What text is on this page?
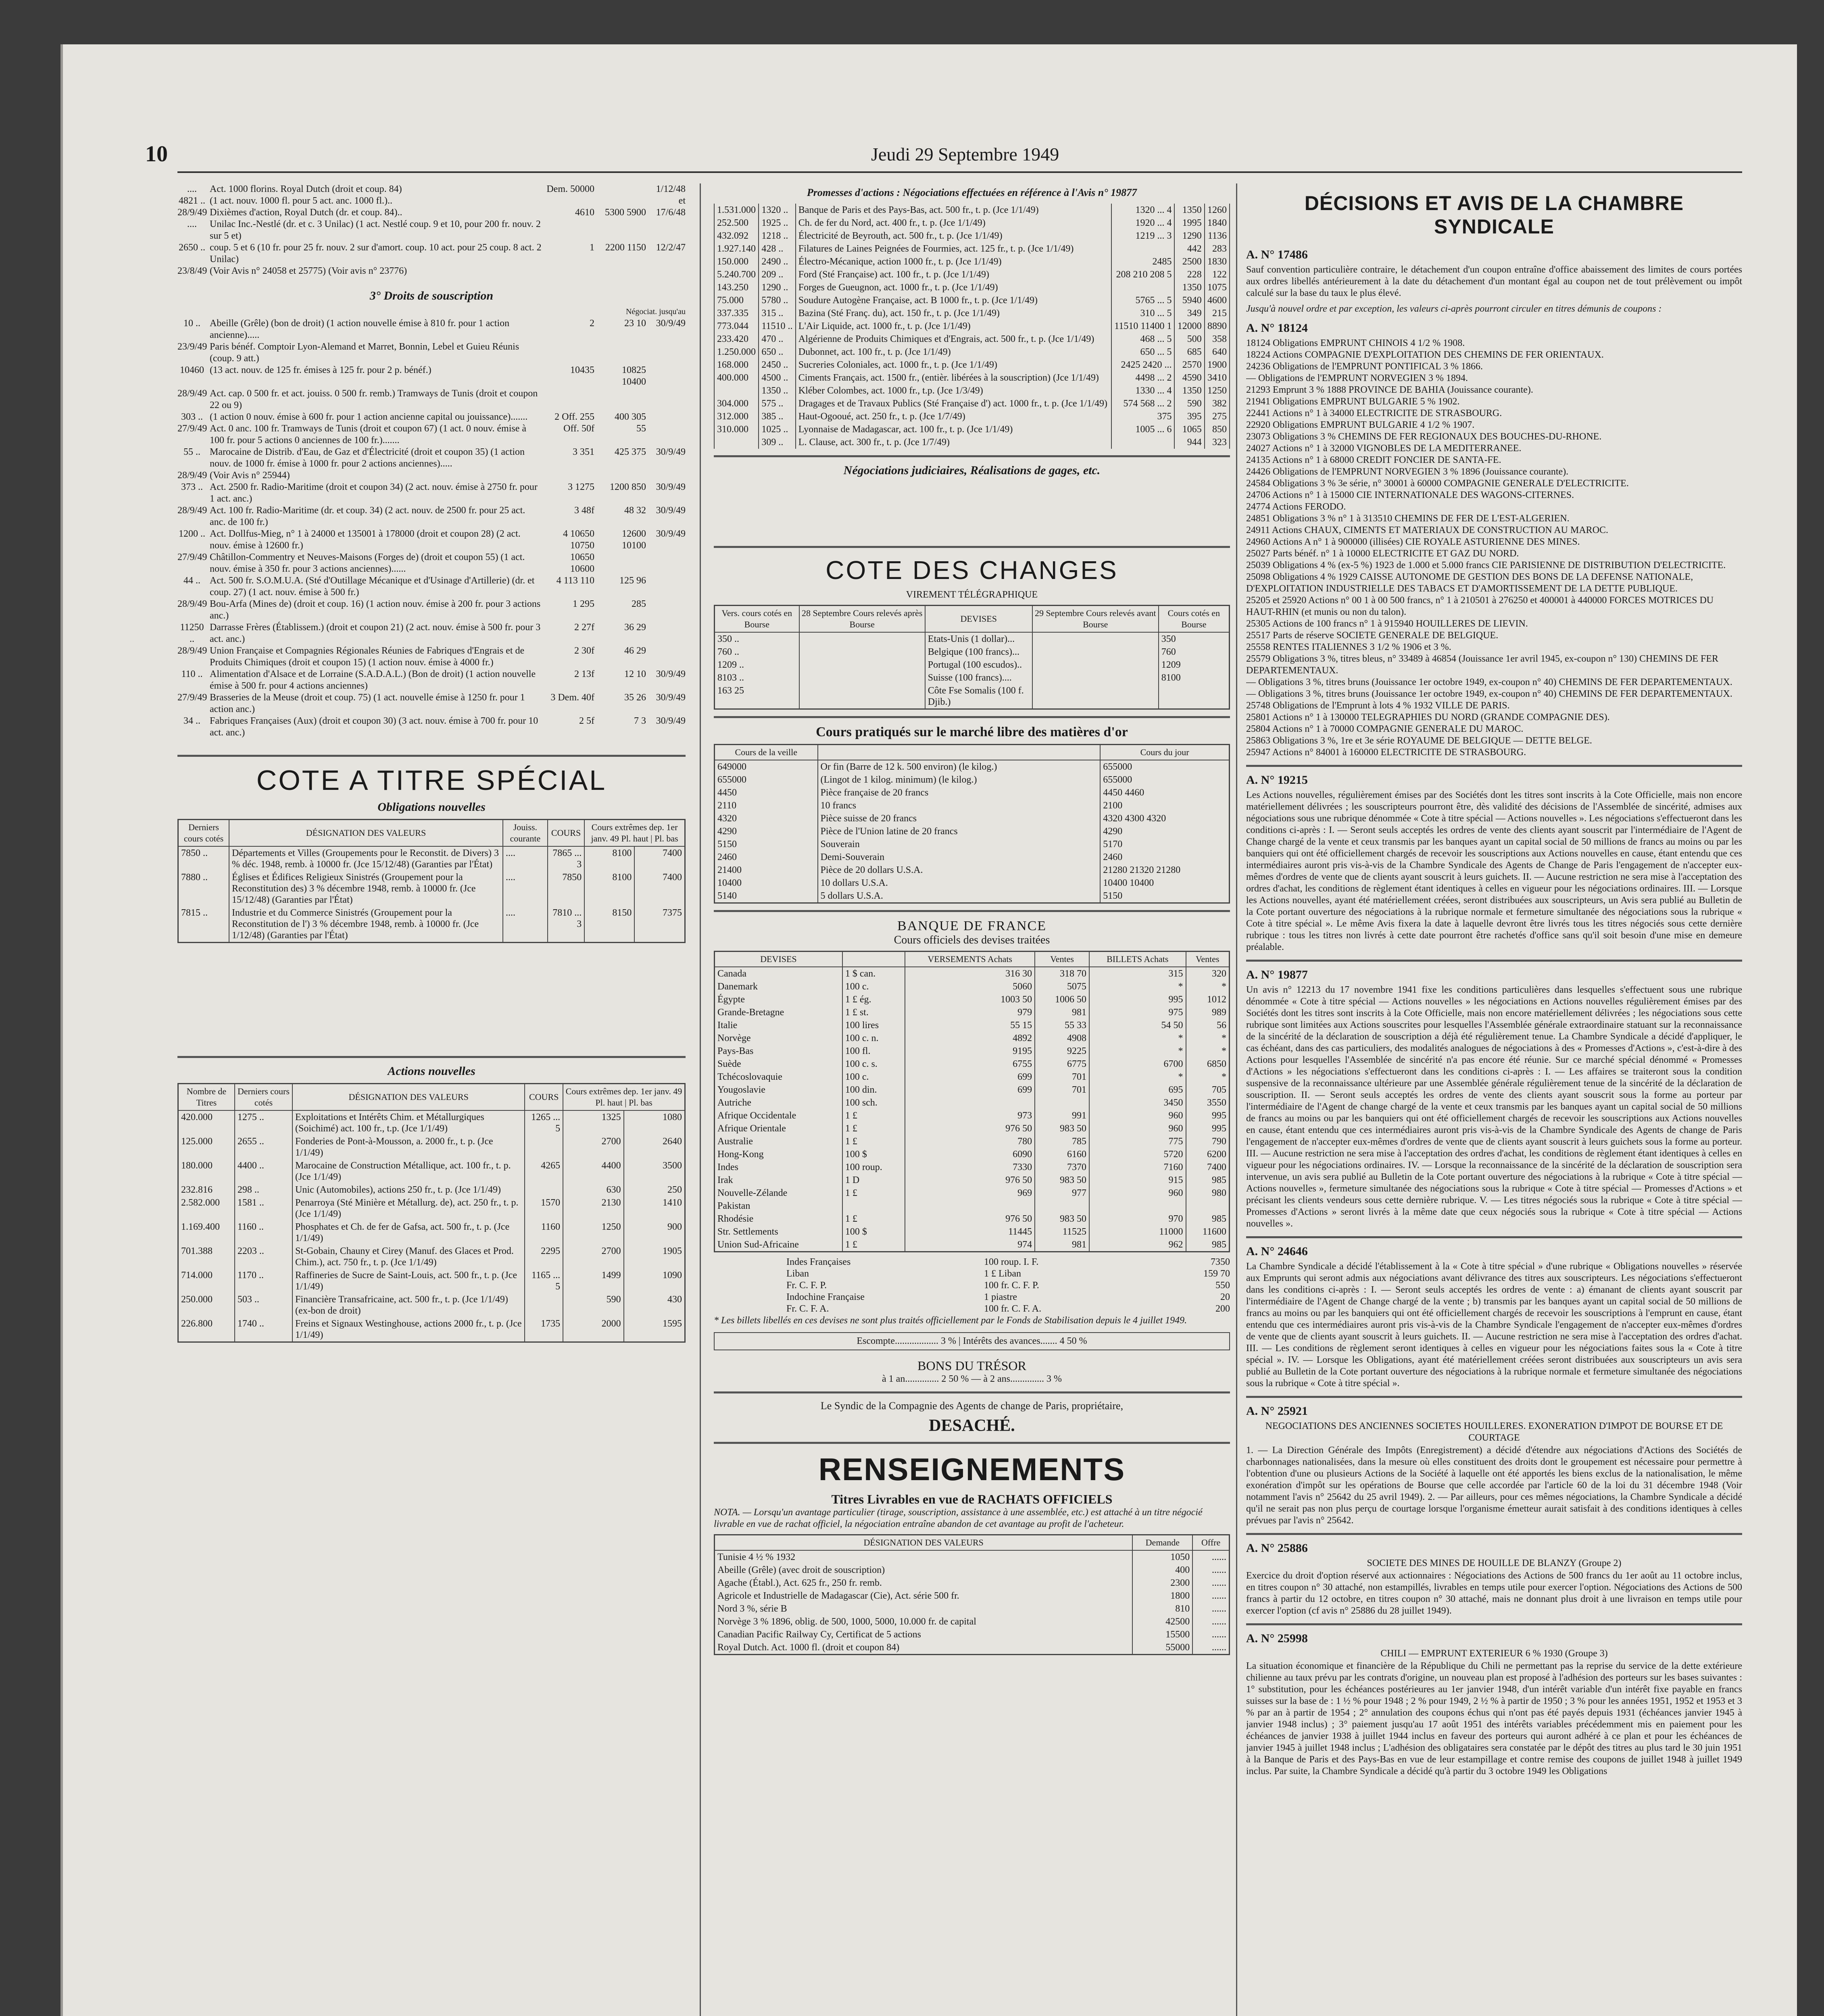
10	Jeudi 29 Septembre 1949
....	Act. 1000 florins. Royal Dutch (droit et coup. 84)	Dem. 50000	1/12/48
4821 .. (1 act. nouv. 1000 fl. pour 5 act. anc. 1000 fl.)..	et
28/9/49 Dixièmes d'action, Royal Dutch (dr. et coup. 84)..	4610	5300 5900	17/6/48
....	Unilac Inc.-Nestlé (dr. et c. 3 Unilac) (1 act. Nestlé coup. 9 et 10, pour 200 fr. nouv. 2 sur 5 et)
2650 .. coup. 5 et 6 (10 fr. pour 25 fr. nouv. 2 sur d'amort. coup. 10 act. pour 25 coup. 8 act. 2 Unilac)
1	2200 1150	12/2/47
23/8/49 (Voir Avis n° 24058 et 25775) (Voir avis n° 23776)
3° Droits de souscription
Négociat. jusqu'au
10 .. Abeille (Grêle) (bon de droit) (1 action nouvelle émise à 810 fr. pour 1 action ancienne).....
2	23 10	30/9/49
23/9/49 Paris bénéf. Comptoir Lyon-Alemand et Marret, Bonnin, Lebel et Guieu Réunis (coup. 9 att.)
10460 (13 act. nouv. de 125 fr. émises à 125 fr. pour 2 p. bénéf.)	10435	10825 10400
28/9/49 Act. cap. 0 500 fr. et act. jouiss. 0 500 fr. remb.) Tramways de Tunis (droit et coupon 22 ou 9)
303 .. (1 action 0 nouv. émise à 600 fr. pour 1 action ancienne capital ou jouissance).......	2 Off. 255	400 305
27/9/49 Act. 0 anc. 100 fr. Tramways de Tunis (droit et coupon 67) (1 act. 0 nouv. émise à 100 fr. pour 5 actions 0 anciennes de 100 fr.).......
Off. 50f	55
55 .. Marocaine de Distrib. d'Eau, de Gaz et d'Électricité (droit et coupon 35) (1 action nouv. de 1000 fr. émise à 1000 fr. pour 2 actions anciennes).....
3 351	425 375	30/9/49
28/9/49 (Voir Avis n° 25944)
373 .. Act. 2500 fr. Radio-Maritime (droit et coupon 34) (2 act. nouv. émise à 2750 fr. pour 1 act. anc.)
3 1275	1200 850	30/9/49
28/9/49 Act. 100 fr. Radio-Maritime (dr. et coup. 34) (2 act. nouv. de 2500 fr. pour 25 act. anc. de 100 fr.)
3 48f	48 32	30/9/49
1200 .. Act. Dollfus-Mieg, n° 1 à 24000 et 135001 à 178000 (droit et coupon 28) (2 act. nouv. émise à 12600 fr.)
4 10650 10750
12600 10100
30/9/49
27/9/49 Châtillon-Commentry et Neuves-Maisons (Forges de) (droit et coupon 55) (1 act. nouv. émise à 350 fr. pour 3 actions anciennes)......
10650 10600
44 .. Act. 500 fr. S.O.M.U.A. (Sté d'Outillage Mécanique et d'Usinage d'Artillerie) (dr. et coup. 27) (1 act. nouv. émise à 500 fr.)
4 113 110	125 96
28/9/49 Bou-Arfa (Mines de) (droit et coup. 16) (1 action nouv. émise à 200 fr. pour 3 actions anc.)
1 295	285
11250 ..
Darrasse Frères (Établissem.) (droit et coupon 21) (2 act. nouv. émise à 500 fr. pour 3 act. anc.)
2 27f	36 29
28/9/49 Union Française et Compagnies Régionales Réunies de Fabriques d'Engrais et de Produits Chimiques (droit et coupon 15) (1 action nouv. émise à 4000 fr.)
2 30f	46 29
110 .. Alimentation d'Alsace et de Lorraine (S.A.D.A.L.) (Bon de droit) (1 action nouvelle émise à 500 fr. pour 4 actions anciennes)
2 13f	12 10	30/9/49
27/9/49 Brasseries de la Meuse (droit et coup. 75) (1 act. nouvelle émise à 1250 fr. pour 1 action anc.)
3 Dem. 40f	35 26	30/9/49
34 .. Fabriques Françaises (Aux) (droit et coupon 30) (3 act. nouv. émise à 700 fr. pour 10 act. anc.)
2 5f	7 3	30/9/49
COTE A TITRE SPÉCIAL
Obligations nouvelles
Derniers cours cotés	DÉSIGNATION DES VALEURS	Jouiss. courante	COURS	Cours extrêmes dep. 1er janv. 49 Pl. haut | Pl. bas	
7850 ..	Départements et Villes (Groupements pour le Reconstit. de Divers) 3 % déc. 1948, remb. à 10000 fr. (Jce 15/12/48) (Garanties par l'État)	....	7865 ... 3	8100	7400
7880 ..	Églises et Édifices Religieux Sinistrés (Groupement pour la Reconstitution des) 3 % décembre 1948, remb. à 10000 fr. (Jce 15/12/48) (Garanties par l'État)	....	7850	8100	7400
7815 ..	Industrie et du Commerce Sinistrés (Groupement pour la Reconstitution de l') 3 % décembre 1948, remb. à 10000 fr. (Jce 1/12/48) (Garanties par l'État)	....	7810 ... 3	8150	7375
Actions nouvelles
Nombre de Titres	Derniers cours cotés	DÉSIGNATION DES VALEURS	COURS	Cours extrêmes dep. 1er janv. 49 Pl. haut | Pl. bas	
420.000	1275 ..	Exploitations et Intérêts Chim. et Métallurgiques (Soichimé) act. 100 fr., t.p. (Jce 1/1/49)	1265 ... 5	1325	1080
125.000	2655 ..	Fonderies de Pont-à-Mousson, a. 2000 fr., t. p. (Jce 1/1/49)		2700	2640
180.000	4400 ..	Marocaine de Construction Métallique, act. 100 fr., t. p. (Jce 1/1/49)	4265	4400	3500
232.816	298 ..	Unic (Automobiles), actions 250 fr., t. p. (Jce 1/1/49)		630	250
2.582.000	1581 ..	Penarroya (Sté Minière et Métallurg. de), act. 250 fr., t. p. (Jce 1/1/49)	1570	2130	1410
1.169.400	1160 ..	Phosphates et Ch. de fer de Gafsa, act. 500 fr., t. p. (Jce 1/1/49)	1160	1250	900
701.388	2203 ..	St-Gobain, Chauny et Cirey (Manuf. des Glaces et Prod. Chim.), act. 750 fr., t. p. (Jce 1/1/49)	2295	2700	1905
714.000	1170 ..	Raffineries de Sucre de Saint-Louis, act. 500 fr., t. p. (Jce 1/1/49)	1165 ... 5	1499	1090
250.000	503 ..	Financière Transafricaine, act. 500 fr., t. p. (Jce 1/1/49) (ex-bon de droit)		590	430
226.800	1740 ..	Freins et Signaux Westinghouse, actions 2000 fr., t. p. (Jce 1/1/49)	1735	2000	1595
Promesses d'actions : Négociations effectuées en référence à l'Avis n° 19877
1.531.000	1320 ..	Banque de Paris et des Pays-Bas, act. 500 fr., t. p. (Jce 1/1/49)	1320 ... 4	1350	1260
252.500	1925 ..	Ch. de fer du Nord, act. 400 fr., t. p. (Jce 1/1/49)	1920 ... 4	1995	1840
432.092	1218 ..	Électricité de Beyrouth, act. 500 fr., t. p. (Jce 1/1/49)	1219 ... 3	1290	1136
1.927.140	428 ..	Filatures de Laines Peignées de Fourmies, act. 125 fr., t. p. (Jce 1/1/49)		442	283
150.000	2490 ..	Électro-Mécanique, action 1000 fr., t. p. (Jce 1/1/49)	2485	2500	1830
5.240.700	209 ..	Ford (Sté Française) act. 100 fr., t. p. (Jce 1/1/49)	208 210 208 5	228	122
143.250	1290 ..	Forges de Gueugnon, act. 1000 fr., t. p. (Jce 1/1/49)		1350	1075
75.000	5780 ..	Soudure Autogène Française, act. B 1000 fr., t. p. (Jce 1/1/49)	5765 ... 5	5940	4600
337.335	315 ..	Bazina (Sté Franç. du), act. 150 fr., t. p. (Jce 1/1/49)	310 ... 5	349	215
773.044	11510 ..	L'Air Liquide, act. 1000 fr., t. p. (Jce 1/1/49)	11510 11400 1	12000	8890
233.420	470 ..	Algérienne de Produits Chimiques et d'Engrais, act. 500 fr., t. p. (Jce 1/1/49)	468 ... 5	500	358
1.250.000	650 ..	Dubonnet, act. 100 fr., t. p. (Jce 1/1/49)	650 ... 5	685	640
168.000	2450 ..	Sucreries Coloniales, act. 1000 fr., t. p. (Jce 1/1/49)	2425 2420 ...	2570	1900
400.000	4500 ..	Ciments Français, act. 1500 fr., (entièr. libérées à la souscription) (Jce 1/1/49)	4498 ... 2	4590	3410
	1350 ..	Kléber Colombes, act. 1000 fr., t.p. (Jce 1/3/49)	1330 ... 4	1350	1250
304.000	575 ..	Dragages et de Travaux Publics (Sté Française d') act. 1000 fr., t. p. (Jce 1/1/49)	574 568 ... 2	590	382
312.000	385 ..	Haut-Ogooué, act. 250 fr., t. p. (Jce 1/7/49)	375	395	275
310.000	1025 ..	Lyonnaise de Madagascar, act. 100 fr., t. p. (Jce 1/1/49)	1005 ... 6	1065	850
	309 ..	L. Clause, act. 300 fr., t. p. (Jce 1/7/49)		944	323
Négociations judiciaires, Réalisations de gages, etc.
COTE DES CHANGES
VIREMENT TÉLÉGRAPHIQUE
Vers. cours cotés en Bourse	28 Septembre Cours relevés après Bourse	DEVISES	29 Septembre Cours relevés avant Bourse	Cours cotés en Bourse
350 ..		Etats-Unis (1 dollar)...		350
760 ..		Belgique (100 francs)...		760
1209 ..		Portugal (100 escudos)..		1209
8103 ..		Suisse (100 francs)....		8100
163 25		Côte Fse Somalis (100 f. Djib.)		
Cours pratiqués sur le marché libre des matières d'or
Cours de la veille		Cours du jour
649000	Or fin (Barre de 12 k. 500 environ) (le kilog.)	655000
655000	(Lingot de 1 kilog. minimum) (le kilog.)	655000
4450	Pièce française de 20 francs	4450 4460
2110	10 francs	2100
4320	Pièce suisse de 20 francs	4320 4300 4320
4290	Pièce de l'Union latine de 20 francs	4290
5150	Souverain	5170
2460	Demi-Souverain	2460
21400	Pièce de 20 dollars U.S.A.	21280 21320 21280
10400	10 dollars U.S.A.	10400 10400
5140	5 dollars U.S.A.	5150
BANQUE DE FRANCE
Cours officiels des devises traitées
DEVISES		VERSEMENTS Achats	Ventes	BILLETS Achats	Ventes
Canada	1 $ can.	316 30	318 70	315	320
Danemark	100 c.	5060	5075	*	*
Égypte	1 £ ég.	1003 50	1006 50	995	1012
Grande-Bretagne	1 £ st.	979	981	975	989
Italie	100 lires	55 15	55 33	54 50	56
Norvège	100 c. n.	4892	4908	*	*
Pays-Bas	100 fl.	9195	9225	*	*
Suède	100 c. s.	6755	6775	6700	6850
Tchécoslovaquie	100 c.	699	701	*	*
Yougoslavie	100 din.	699	701	695	705
Autriche	100 sch.			3450	3550
Afrique Occidentale	1 £	973	991	960	995
Afrique Orientale	1 £	976 50	983 50	960	995
Australie	1 £	780	785	775	790
Hong-Kong	100 $	6090	6160	5720	6200
Indes	100 roup.	7330	7370	7160	7400
Irak	1 D	976 50	983 50	915	985
Nouvelle-Zélande	1 £	969	977	960	980
Pakistan					
Rhodésie	1 £	976 50	983 50	970	985
Str. Settlements	100 $	11445	11525	11000	11600
Union Sud-Africaine	1 £	974	981	962	985
Indes Françaises	100 roup. I. F.	7350
Liban	1 £ Liban	159 70
Fr. C. F. P.	100 fr. C. F. P.	550
Indochine Française	1 piastre	20
Fr. C. F. A.	100 fr. C. F. A.	200
* Les billets libellés en ces devises ne sont plus traités officiellement par le Fonds de Stabilisation depuis le 4 juillet 1949.
Escompte.................. 3 % | Intérêts des avances....... 4 50 %
BONS DU TRÉSOR
à 1 an.............. 2 50 % — à 2 ans.............. 3 %
Le Syndic de la Compagnie des Agents de change de Paris, propriétaire,
DESACHÉ.
RENSEIGNEMENTS
Titres Livrables en vue de RACHATS OFFICIELS
NOTA. — Lorsqu'un avantage particulier (tirage, souscription, assistance à une assemblée, etc.) est attaché à un titre négocié livrable en vue de rachat officiel, la négociation entraîne abandon de cet avantage au profit de l'acheteur.
DÉSIGNATION DES VALEURS	Demande	Offre
Tunisie 4 ½ % 1932	1050	......
Abeille (Grêle) (avec droit de souscription)	400	......
Agache (Établ.), Act. 625 fr., 250 fr. remb.	2300	......
Agricole et Industrielle de Madagascar (Cie), Act. série 500 fr.	1800	......
Nord 3 %, série B	810	......
Norvège 3 % 1896, oblig. de 500, 1000, 5000, 10.000 fr. de capital	42500	......
Canadian Pacific Railway Cy, Certificat de 5 actions	15500	......
Royal Dutch. Act. 1000 fl. (droit et coupon 84)	55000	......
DÉCISIONS ET AVIS DE LA CHAMBRE SYNDICALE
A. N° 17486
Sauf convention particulière contraire, le détachement d'un coupon entraîne d'office abaissement des limites de cours portées aux ordres libellés antérieurement à la date du détachement d'un montant égal au coupon net de tout prélèvement ou impôt calculé sur la base du taux le plus élevé.
Jusqu'à nouvel ordre et par exception, les valeurs ci-après pourront circuler en titres démunis de coupons :
A. N° 18124
18124 Obligations EMPRUNT CHINOIS 4 1/2 % 1908.
18224 Actions COMPAGNIE D'EXPLOITATION DES CHEMINS DE FER ORIENTAUX.
24236 Obligations de l'EMPRUNT PONTIFICAL 3 % 1866.
— Obligations de l'EMPRUNT NORVEGIEN 3 % 1894.
21293 Emprunt 3 % 1888 PROVINCE DE BAHIA (Jouissance courante).
21941 Obligations EMPRUNT BULGARIE 5 % 1902.
22441 Actions n° 1 à 34000 ELECTRICITE DE STRASBOURG.
22920 Obligations EMPRUNT BULGARIE 4 1/2 % 1907.
23073 Obligations 3 % CHEMINS DE FER REGIONAUX DES BOUCHES-DU-RHONE.
24027 Actions n° 1 à 32000 VIGNOBLES DE LA MEDITERRANEE.
24135 Actions n° 1 à 68000 CREDIT FONCIER DE SANTA-FE.
24426 Obligations de l'EMPRUNT NORVEGIEN 3 % 1896 (Jouissance courante).
24584 Obligations 3 % 3e série, n° 30001 à 60000 COMPAGNIE GENERALE D'ELECTRICITE.
24706 Actions n° 1 à 15000 CIE INTERNATIONALE DES WAGONS-CITERNES.
24774 Actions FERODO.
24851 Obligations 3 % n° 1 à 313510 CHEMINS DE FER DE L'EST-ALGERIEN.
24911 Actions CHAUX, CIMENTS ET MATERIAUX DE CONSTRUCTION AU MAROC.
24960 Actions A n° 1 à 900000 (illisées) CIE ROYALE ASTURIENNE DES MINES.
25027 Parts bénéf. n° 1 à 10000 ELECTRICITE ET GAZ DU NORD.
25039 Obligations 4 % (ex-5 %) 1923 de 1.000 et 5.000 francs CIE PARISIENNE DE DISTRIBUTION D'ELECTRICITE.
25098 Obligations 4 % 1929 CAISSE AUTONOME DE GESTION DES BONS DE LA DEFENSE NATIONALE, D'EXPLOITATION INDUSTRIELLE DES TABACS ET D'AMORTISSEMENT DE LA DETTE PUBLIQUE.
25205 et 25920 Actions n° 00 1 à 00 500 francs, n° 1 à 210501 à 276250 et 400001 à 440000 FORCES MOTRICES DU HAUT-RHIN (et munis ou non du talon).
25305 Actions de 100 francs n° 1 à 915940 HOUILLERES DE LIEVIN.
25517 Parts de réserve SOCIETE GENERALE DE BELGIQUE.
25558 RENTES ITALIENNES 3 1/2 % 1906 et 3 %.
25579 Obligations 3 %, titres bleus, n° 33489 à 46854 (Jouissance 1er avril 1945, ex-coupon n° 130) CHEMINS DE FER DEPARTEMENTAUX.
— Obligations 3 %, titres bruns (Jouissance 1er octobre 1949, ex-coupon n° 40) CHEMINS DE FER DEPARTEMENTAUX.
— Obligations 3 %, titres bruns (Jouissance 1er octobre 1949, ex-coupon n° 40) CHEMINS DE FER DEPARTEMENTAUX.
25748 Obligations de l'Emprunt à lots 4 % 1932 VILLE DE PARIS.
25801 Actions n° 1 à 130000 TELEGRAPHIES DU NORD (GRANDE COMPAGNIE DES).
25804 Actions n° 1 à 70000 COMPAGNIE GENERALE DU MAROC.
25863 Obligations 3 %, 1re et 3e série ROYAUME DE BELGIQUE — DETTE BELGE.
25947 Actions n° 84001 à 160000 ELECTRICITE DE STRASBOURG.
A. N° 19215
Les Actions nouvelles, régulièrement émises par des Sociétés dont les titres sont inscrits à la Cote Officielle, mais non encore matériellement délivrées ; les souscripteurs pourront être, dès validité des décisions de l'Assemblée de sincérité, admises aux négociations sous une rubrique dénommée « Cote à titre spécial — Actions nouvelles ». Les négociations s'effectueront dans les conditions ci-après : I. — Seront seuls acceptés les ordres de vente des clients ayant souscrit par l'intermédiaire de l'Agent de Change chargé de la vente et ceux transmis par les banques ayant un capital social de 50 millions de francs au moins ou par les banquiers qui ont été officiellement chargés de recevoir les souscriptions aux Actions nouvelles en cause, étant entendu que ces intermédiaires auront pris vis-à-vis de la Chambre Syndicale des Agents de Change de Paris l'engagement de n'accepter eux-mêmes d'ordres de vente que de clients ayant souscrit à leurs guichets. II. — Aucune restriction ne sera mise à l'acceptation des ordres d'achat, les conditions de règlement étant identiques à celles en vigueur pour les négociations ordinaires. III. — Lorsque les Actions nouvelles, ayant été matériellement créées, seront distribuées aux souscripteurs, un Avis sera publié au Bulletin de la Cote portant ouverture des négociations à la rubrique normale et fermeture simultanée des négociations sous la rubrique « Cote à titre spécial ». Le même Avis fixera la date à laquelle devront être livrés tous les titres négociés sous cette dernière rubrique : tous les titres non livrés à cette date pourront être rachetés d'office sans qu'il soit besoin d'une mise en demeure préalable.
A. N° 19877
Un avis n° 12213 du 17 novembre 1941 fixe les conditions particulières dans lesquelles s'effectuent sous une rubrique dénommée « Cote à titre spécial — Actions nouvelles » les négociations en Actions nouvelles régulièrement émises par des Sociétés dont les titres sont inscrits à la Cote Officielle, mais non encore matériellement délivrées ; les négociations sous cette rubrique sont limitées aux Actions souscrites pour lesquelles l'Assemblée générale extraordinaire statuant sur la reconnaissance de la sincérité de la déclaration de souscription a déjà été régulièrement tenue. La Chambre Syndicale a décidé d'appliquer, le cas échéant, dans des cas particuliers, des modalités analogues de négociations à des « Promesses d'Actions », c'est-à-dire à des Actions pour lesquelles l'Assemblée de sincérité n'a pas encore été réunie. Sur ce marché spécial dénommé « Promesses d'Actions » les négociations s'effectueront dans les conditions ci-après : I. — Les affaires se traiteront sous la condition suspensive de la reconnaissance ultérieure par une Assemblée générale régulièrement tenue de la sincérité de la déclaration de souscription. II. — Seront seuls acceptés les ordres de vente des clients ayant souscrit sous la forme au porteur par l'intermédiaire de l'Agent de change chargé de la vente et ceux transmis par les banques ayant un capital social de 50 millions de francs au moins ou par les banquiers qui ont été officiellement chargés de recevoir les souscriptions aux Actions nouvelles en cause, étant entendu que ces intermédiaires auront pris vis-à-vis de la Chambre Syndicale des Agents de change de Paris l'engagement de n'accepter eux-mêmes d'ordres de vente que de clients ayant souscrit à leurs guichets sous la forme au porteur. III. — Aucune restriction ne sera mise à l'acceptation des ordres d'achat, les conditions de règlement étant identiques à celles en vigueur pour les négociations ordinaires. IV. — Lorsque la reconnaissance de la sincérité de la déclaration de souscription sera intervenue, un avis sera publié au Bulletin de la Cote portant ouverture des négociations à la rubrique « Cote à titre spécial — Actions nouvelles », fermeture simultanée des négociations sous la rubrique « Cote à titre spécial — Promesses d'Actions » et précisant les clients vendeurs sous cette dernière rubrique. V. — Les titres négociés sous la rubrique « Cote à titre spécial — Promesses d'Actions » seront livrés à la même date que ceux négociés sous la rubrique « Cote à titre spécial — Actions nouvelles ».
A. N° 24646
La Chambre Syndicale a décidé l'établissement à la « Cote à titre spécial » d'une rubrique « Obligations nouvelles » réservée aux Emprunts qui seront admis aux négociations avant délivrance des titres aux souscripteurs. Les négociations s'effectueront dans les conditions ci-après : I. — Seront seuls acceptés les ordres de vente : a) émanant de clients ayant souscrit par l'intermédiaire de l'Agent de Change chargé de la vente ; b) transmis par les banques ayant un capital social de 50 millions de francs au moins ou par les banquiers qui ont été officiellement chargés de recevoir les souscriptions à l'emprunt en cause, étant entendu que ces intermédiaires auront pris vis-à-vis de la Chambre Syndicale l'engagement de n'accepter eux-mêmes d'ordres de vente que de clients ayant souscrit à leurs guichets. II. — Aucune restriction ne sera mise à l'acceptation des ordres d'achat. III. — Les conditions de règlement seront identiques à celles en vigueur pour les négociations faites sous la « Cote à titre spécial ». IV. — Lorsque les Obligations, ayant été matériellement créées seront distribuées aux souscripteurs un avis sera publié au Bulletin de la Cote portant ouverture des négociations à la rubrique normale et fermeture simultanée des négociations sous la rubrique « Cote à titre spécial ».
A. N° 25921
NEGOCIATIONS DES ANCIENNES SOCIETES HOUILLERES. EXONERATION D'IMPOT DE BOURSE ET DE COURTAGE
1. — La Direction Générale des Impôts (Enregistrement) a décidé d'étendre aux négociations d'Actions des Sociétés de charbonnages nationalisées, dans la mesure où elles constituent des droits dont le groupement est nécessaire pour permettre à l'obtention d'une ou plusieurs Actions de la Société à laquelle ont été apportés les biens exclus de la nationalisation, le même exonération d'impôt sur les opérations de Bourse que celle accordée par l'article 60 de la loi du 31 décembre 1948 (Voir notamment l'avis n° 25642 du 25 avril 1949). 2. — Par ailleurs, pour ces mêmes négociations, la Chambre Syndicale a décidé qu'il ne serait pas non plus perçu de courtage lorsque l'organisme émetteur aurait satisfait à des conditions identiques à celles prévues par l'avis n° 25642.
A. N° 25886
SOCIETE DES MINES DE HOUILLE DE BLANZY (Groupe 2)
Exercice du droit d'option réservé aux actionnaires : Négociations des Actions de 500 francs du 1er août au 11 octobre inclus, en titres coupon n° 30 attaché, non estampillés, livrables en temps utile pour exercer l'option. Négociations des Actions de 500 francs à partir du 12 octobre, en titres coupon n° 30 attaché, mais ne donnant plus droit à une livraison en temps utile pour exercer l'option (cf avis n° 25886 du 28 juillet 1949).
A. N° 25998
CHILI — EMPRUNT EXTERIEUR 6 % 1930 (Groupe 3)
La situation économique et financière de la République du Chili ne permettant pas la reprise du service de la dette extérieure chilienne au taux prévu par les contrats d'origine, un nouveau plan est proposé à l'adhésion des porteurs sur les bases suivantes : 1° substitution, pour les échéances postérieures au 1er janvier 1948, d'un intérêt variable d'un intérêt fixe payable en francs suisses sur la base de : 1 ½ % pour 1948 ; 2 % pour 1949, 2 ½ % à partir de 1950 ; 3 % pour les années 1951, 1952 et 1953 et 3 % par an à partir de 1954 ; 2° annulation des coupons échus qui n'ont pas été payés depuis 1931 (échéances janvier 1945 à janvier 1948 inclus) ; 3° paiement jusqu'au 17 août 1951 des intérêts variables précédemment mis en paiement pour les échéances de janvier 1938 à juillet 1944 inclus en faveur des porteurs qui auront adhéré à ce plan et pour les échéances de janvier 1945 à juillet 1948 inclus ; L'adhésion des obligataires sera constatée par le dépôt des titres au plus tard le 30 juin 1951 à la Banque de Paris et des Pays-Bas en vue de leur estampillage et contre remise des coupons de juillet 1948 à juillet 1949 inclus. Par suite, la Chambre Syndicale a décidé qu'à partir du 3 octobre 1949 les Obligations
